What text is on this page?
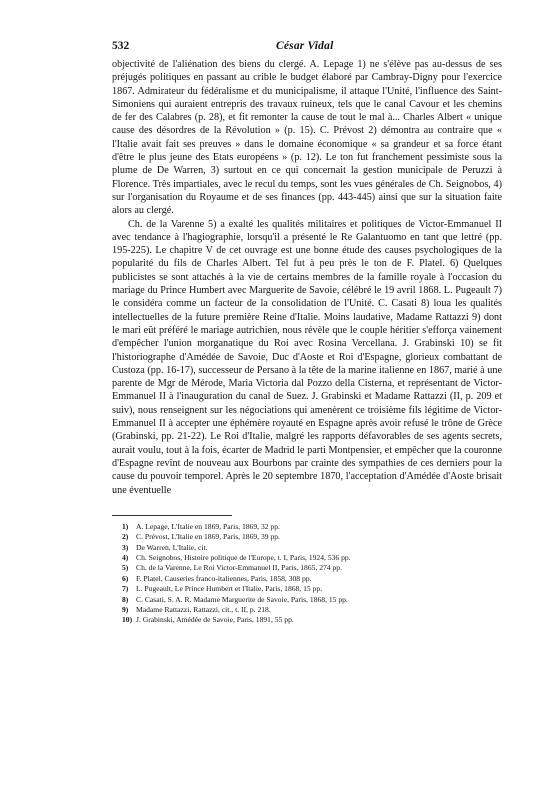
532	César Vidal

objectivité de l'aliénation des biens du clergé. A. Lepage 1) ne s'élève pas au-dessus de ses préjugés politiques en passant au crible le budget élaboré par Cambray-Digny pour l'exercice 1867. Admirateur du fédéralisme et du municipalisme, il attaque l'Unité, l'influence des Saint-Simoniens qui auraient entrepris des travaux ruineux, tels que le canal Cavour et les chemins de fer des Calabres (p. 28), et fit remonter la cause de tout le mal à... Charles Albert « unique cause des désordres de la Révolution » (p. 15). C. Prévost 2) démontra au contraire que « l'Italie avait fait ses preuves » dans le domaine économique « sa grandeur et sa force étant d'être le plus jeune des Etats européens » (p. 12). Le ton fut franchement pessimiste sous la plume de De Warren, 3) surtout en ce qui concernait la gestion municipale de Peruzzi à Florence. Très impartiales, avec le recul du temps, sont les vues générales de Ch. Seignobos, 4) sur l'organisation du Royaume et de ses finances (pp. 443-445) ainsi que sur la situation faite alors au clergé.

Ch. de la Varenne 5) a exalté les qualités militaires et politiques de Victor-Emmanuel II avec tendance à l'hagiographie, lorsqu'il a présenté le Re Galantuomo en tant que lettré (pp. 195-225). Le chapitre V de cet ouvrage est une bonne étude des causes psychologiques de la popularité du fils de Charles Albert. Tel fut à peu près le ton de F. Platel. 6) Quelques publicistes se sont attachés à la vie de certains membres de la famille royale à l'occasion du mariage du Prince Humbert avec Marguerite de Savoie, célébré le 19 avril 1868. L. Pugeault 7) le considéra comme un facteur de la consolidation de l'Unité. C. Casati 8) loua les qualités intellectuelles de la future première Reine d'Italie. Moins laudative, Madame Rattazzi 9) dont le mari eût préféré le mariage autrichien, nous révèle que le couple héritier s'efforça vainement d'empêcher l'union morganatique du Roi avec Rosina Vercellana. J. Grabinski 10) se fit l'historiographe d'Amédée de Savoie, Duc d'Aoste et Roi d'Espagne, glorieux combattant de Custoza (pp. 16-17), successeur de Persano à la tête de la marine italienne en 1867, marié à une parente de Mgr de Mérode, Maria Victoria dal Pozzo della Cisterna, et représentant de Victor-Emmanuel II à l'inauguration du canal de Suez. J. Grabinski et Madame Rattazzi (II, p. 209 et suiv), nous renseignent sur les négociations qui amenèrent ce troisième fils légitime de Victor-Emmanuel II à accepter une éphémère royauté en Espagne après avoir refusé le trône de Grèce (Grabinski, pp. 21-22). Le Roi d'Italie, malgré les rapports défavorables de ses agents secrets, aurait voulu, tout à la fois, écarter de Madrid le parti Montpensier, et empêcher que la couronne d'Espagne revînt de nouveau aux Bourbons par crainte des sympathies de ces derniers pour la cause du pouvoir temporel. Après le 20 septembre 1870, l'acceptation d'Amédée d'Aoste brisait une éventuelle

1) A. Lepage, L'Italie en 1869, Paris, 1869, 32 pp.
2) C. Prévost, L'Italie en 1869, Paris, 1869, 39 pp.
3) De Warren, L'Italie, cit.
4) Ch. Seignobos, Histoire politique de l'Europe, t. I, Paris, 1924, 536 pp.
5) Ch. de la Varenne, Le Roi Victor-Emmanuel II, Paris, 1865, 274 pp.
6) F. Platel, Causeries franco-italiennes, Paris, 1858, 308 pp.
7) L. Pugeault, Le Prince Humbert et l'Italie, Paris, 1868, 15 pp.
8) C. Casati, S. A. R. Madame Marguerite de Savoie, Paris, 1868, 15 pp.
9) Madame Rattazzi, Rattazzi, cit., t. II, p. 218.
10) J. Grabinski, Amédée de Savoie, Paris, 1891, 55 pp.
